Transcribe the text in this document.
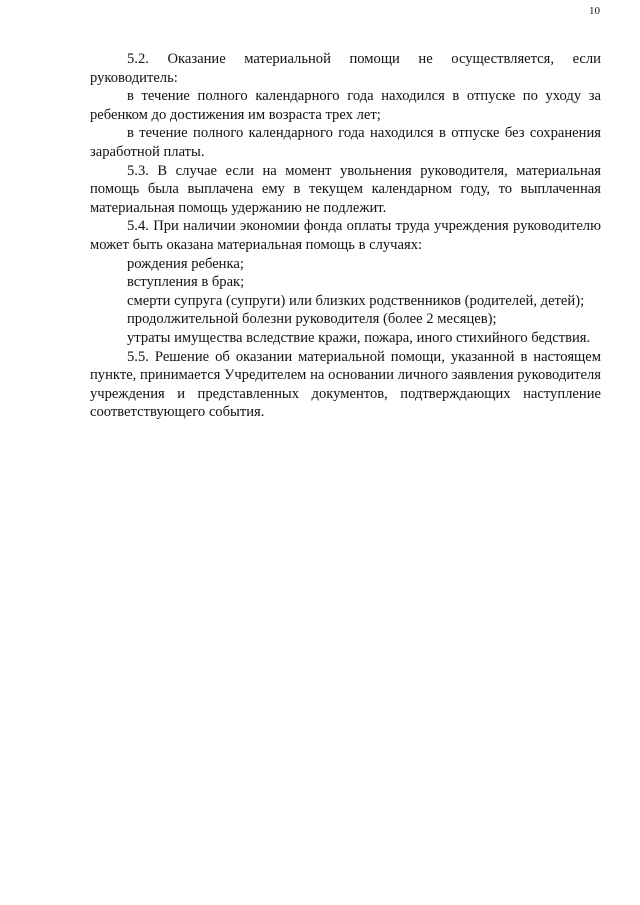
10

5.2. Оказание материальной помощи не осуществляется, если руководитель:

в течение полного календарного года находился в отпуске по уходу за ребенком до достижения им возраста трех лет;

в течение полного календарного года находился в отпуске без сохранения заработной платы.

5.3. В случае если на момент увольнения руководителя, материальная помощь была выплачена ему в текущем календарном году, то выплаченная материальная помощь удержанию не подлежит.

5.4. При наличии экономии фонда оплаты труда учреждения руководителю может быть оказана материальная помощь в случаях:

рождения ребенка;

вступления в брак;

смерти супруга (супруги) или близких родственников (родителей, детей);

продолжительной болезни руководителя (более 2 месяцев);

утраты имущества вследствие кражи, пожара, иного стихийного бедствия.

5.5. Решение об оказании материальной помощи, указанной в настоящем пункте, принимается Учредителем на основании личного заявления руководителя учреждения и представленных документов, подтверждающих наступление соответствующего события.
